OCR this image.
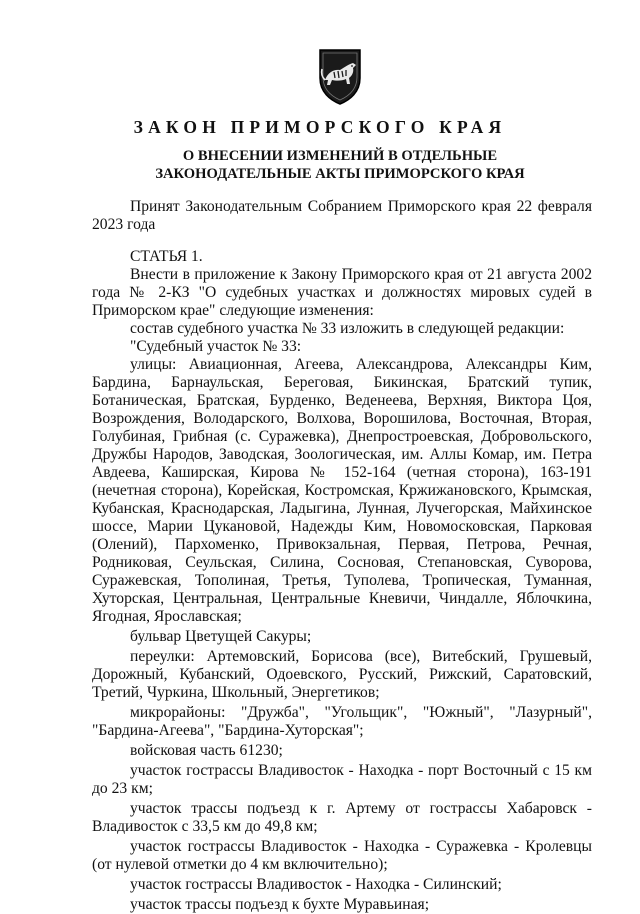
ЗАКОН ПРИМОРСКОГО КРАЯ
О ВНЕСЕНИИ ИЗМЕНЕНИЙ В ОТДЕЛЬНЫЕ
ЗАКОНОДАТЕЛЬНЫЕ АКТЫ ПРИМОРСКОГО КРАЯ

Принят Законодательным Собранием Приморского края 22 февраля 2023 года

СТАТЬЯ 1.

Внести в приложение к Закону Приморского края от 21 августа 2002 года № 2-КЗ "О судебных участках и должностях мировых судей в Приморском крае" следующие изменения:

состав судебного участка № 33 изложить в следующей редакции:

"Судебный участок № 33:

улицы: Авиационная, Агеева, Александрова, Александры Ким, Бардина, Барнаульская, Береговая, Бикинская, Братский тупик, Ботаническая, Братская, Бурденко, Веденеева, Верхняя, Виктора Цоя, Возрождения, Володарского, Волхова, Ворошилова, Восточная, Вторая, Голубиная, Грибная (с. Суражевка), Днепростроевская, Добровольского, Дружбы Народов, Заводская, Зоологическая, им. Аллы Комар, им. Петра Авдеева, Каширская, Кирова № 152-164 (четная сторона), 163-191 (нечетная сторона), Корейская, Костромская, Кржижановского, Крымская, Кубанская, Краснодарская, Ладыгина, Лунная, Лучегорская, Майхинское шоссе, Марии Цукановой, Надежды Ким, Новомосковская, Парковая (Олений), Пархоменко, Привокзальная, Первая, Петрова, Речная, Родниковая, Сеульская, Силина, Сосновая, Степановская, Суворова, Суражевская, Тополиная, Третья, Туполева, Тропическая, Туманная, Хуторская, Центральная, Центральные Кневичи, Чиндалле, Яблочкина, Ягодная, Ярославская;

бульвар Цветущей Сакуры;

переулки: Артемовский, Борисова (все), Витебский, Грушевый, Дорожный, Кубанский, Одоевского, Русский, Рижский, Саратовский, Третий, Чуркина, Школьный, Энергетиков;

микрорайоны: "Дружба", "Угольщик", "Южный", "Лазурный", "Бардина-Агеева", "Бардина-Хуторская";

войсковая часть 61230;

участок гострассы Владивосток - Находка - порт Восточный с 15 км до 23 км;

участок трассы подъезд к г. Артему от гострассы Хабаровск - Владивосток с 33,5 км до 49,8 км;

участок гострассы Владивосток - Находка - Суражевка - Кролевцы (от нулевой отметки до 4 км включительно);

участок гострассы Владивосток - Находка - Силинский;

участок трассы подъезд к бухте Муравьиная;
